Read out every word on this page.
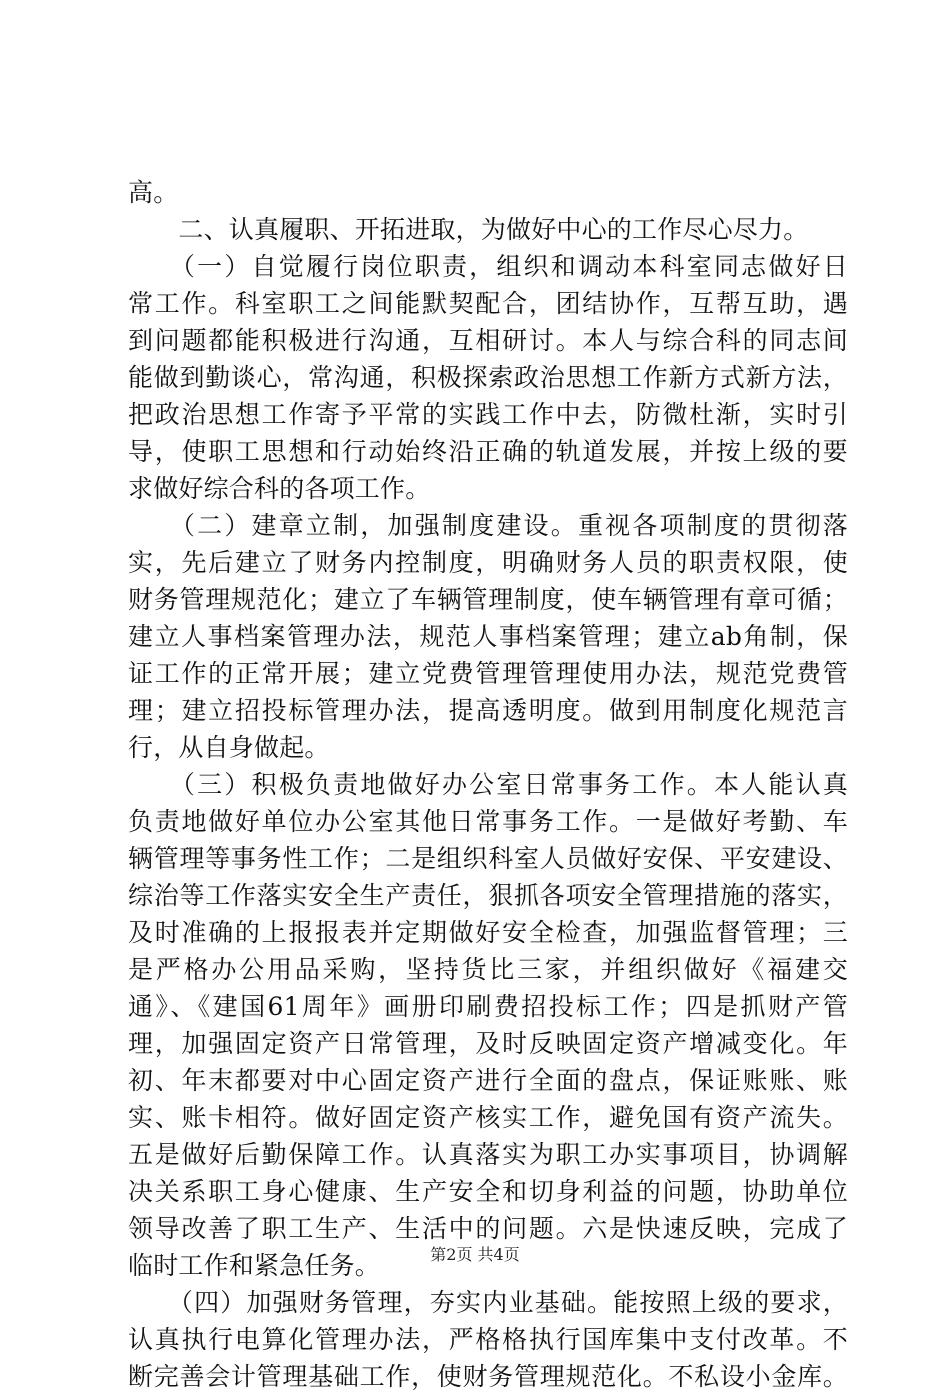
高。
　　二、认真履职、开拓进取，为做好中心的工作尽心尽力。
　　（一）自觉履行岗位职责，组织和调动本科室同志做好日
常工作。科室职工之间能默契配合，团结协作，互帮互助，遇
到问题都能积极进行沟通，互相研讨。本人与综合科的同志间
能做到勤谈心，常沟通，积极探索政治思想工作新方式新方法，
把政治思想工作寄予平常的实践工作中去，防微杜渐，实时引
导，使职工思想和行动始终沿正确的轨道发展，并按上级的要
求做好综合科的各项工作。
　　（二）建章立制，加强制度建设。重视各项制度的贯彻落
实，先后建立了财务内控制度，明确财务人员的职责权限，使
财务管理规范化；建立了车辆管理制度，使车辆管理有章可循；
建立人事档案管理办法，规范人事档案管理；建立ab角制，保
证工作的正常开展；建立党费管理管理使用办法，规范党费管
理；建立招投标管理办法，提高透明度。做到用制度化规范言
行，从自身做起。
　　（三）积极负责地做好办公室日常事务工作。本人能认真
负责地做好单位办公室其他日常事务工作。一是做好考勤、车
辆管理等事务性工作；二是组织科室人员做好安保、平安建设、
综治等工作落实安全生产责任，狠抓各项安全管理措施的落实，
及时准确的上报报表并定期做好安全检查，加强监督管理；三
是严格办公用品采购，坚持货比三家，并组织做好《福建交
通》、《建国61周年》画册印刷费招投标工作；四是抓财产管
理，加强固定资产日常管理，及时反映固定资产增减变化。年
初、年末都要对中心固定资产进行全面的盘点，保证账账、账
实、账卡相符。做好固定资产核实工作，避免国有资产流失。
五是做好后勤保障工作。认真落实为职工办实事项目，协调解
决关系职工身心健康、生产安全和切身利益的问题，协助单位
领导改善了职工生产、生活中的问题。六是快速反映，完成了
临时工作和紧急任务。
　　（四）加强财务管理，夯实内业基础。能按照上级的要求，
认真执行电算化管理办法，严格格执行国库集中支付改革。不
断完善会计管理基础工作，使财务管理规范化。不私设小金库。
第2页 共4页
